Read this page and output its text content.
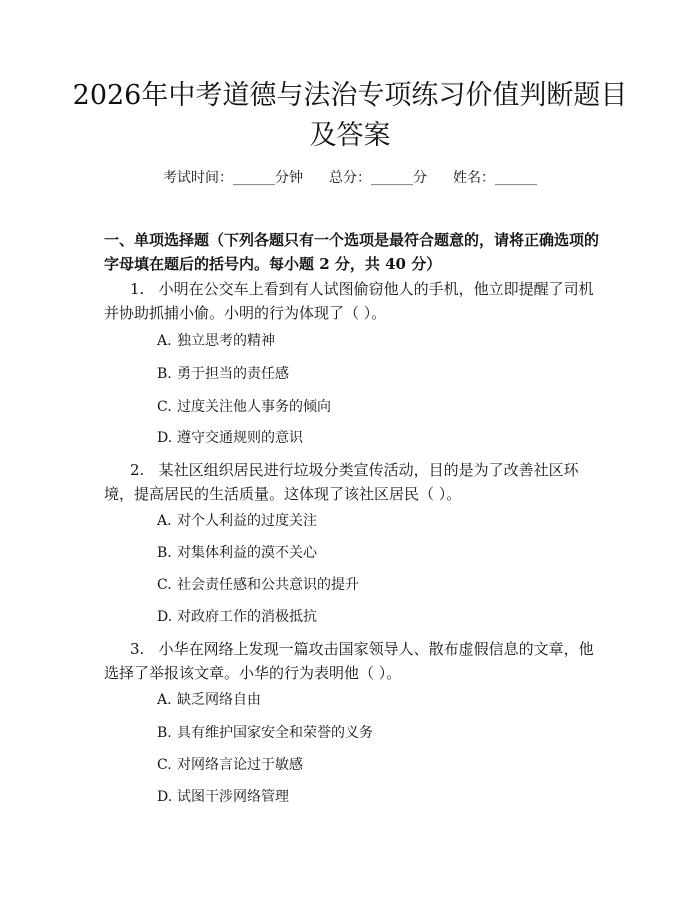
2026年中考道德与法治专项练习价值判断题目及答案
考试时间：______分钟 总分：______分 姓名：______

一、单项选择题（下列各题只有一个选项是最符合题意的，请将正确选项的字母填在题后的括号内。每小题 2 分，共 40 分）

1. 小明在公交车上看到有人试图偷窃他人的手机，他立即提醒了司机并协助抓捕小偷。小明的行为体现了（ ）。

A. 独立思考的精神
B. 勇于担当的责任感
C. 过度关注他人事务的倾向
D. 遵守交通规则的意识

2. 某社区组织居民进行垃圾分类宣传活动，目的是为了改善社区环境，提高居民的生活质量。这体现了该社区居民（ ）。

A. 对个人利益的过度关注
B. 对集体利益的漠不关心
C. 社会责任感和公共意识的提升
D. 对政府工作的消极抵抗

3. 小华在网络上发现一篇攻击国家领导人、散布虚假信息的文章，他选择了举报该文章。小华的行为表明他（ ）。

A. 缺乏网络自由
B. 具有维护国家安全和荣誉的义务
C. 对网络言论过于敏感
D. 试图干涉网络管理
